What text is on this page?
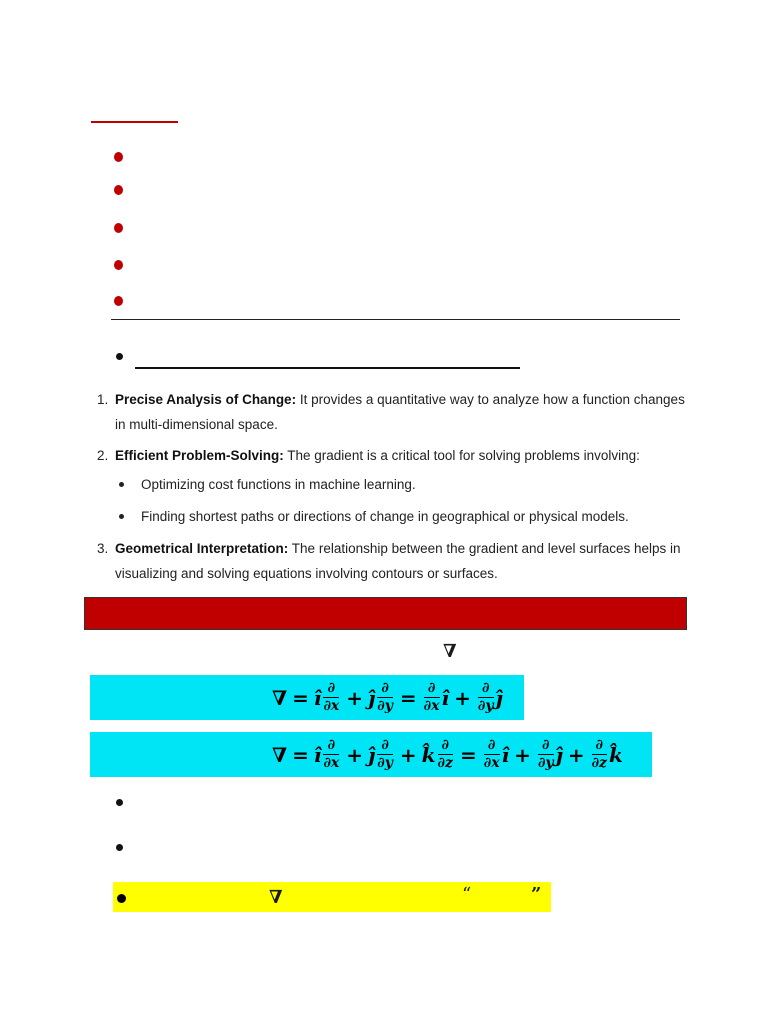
1. Precise Analysis of Change: It provides a quantitative way to analyze how a function changes in multi-dimensional space.
2. Efficient Problem-Solving: The gradient is a critical tool for solving problems involving:
Optimizing cost functions in machine learning.
Finding shortest paths or directions of change in geographical or physical models.
3. Geometrical Interpretation: The relationship between the gradient and level surfaces helps in visualizing and solving equations involving contours or surfaces.
∇
∇ = ı̂ $\frac{\partial}{\partial x}$ + ȷ̂ $\frac{\partial}{\partial y} = \frac{\partial}{\partial x}$ ı̂ + $\frac{\partial}{\partial y}$ ȷ̂
∇ = ı̂ $\frac{\partial}{\partial x}$ + ȷ̂ $\frac{\partial}{\partial y}$ + k̂ $\frac{\partial}{\partial z} = \frac{\partial}{\partial x}$ ı̂ + $\frac{\partial}{\partial y}$ ȷ̂ + $\frac{\partial}{\partial z}$ k̂
∇	“	”
